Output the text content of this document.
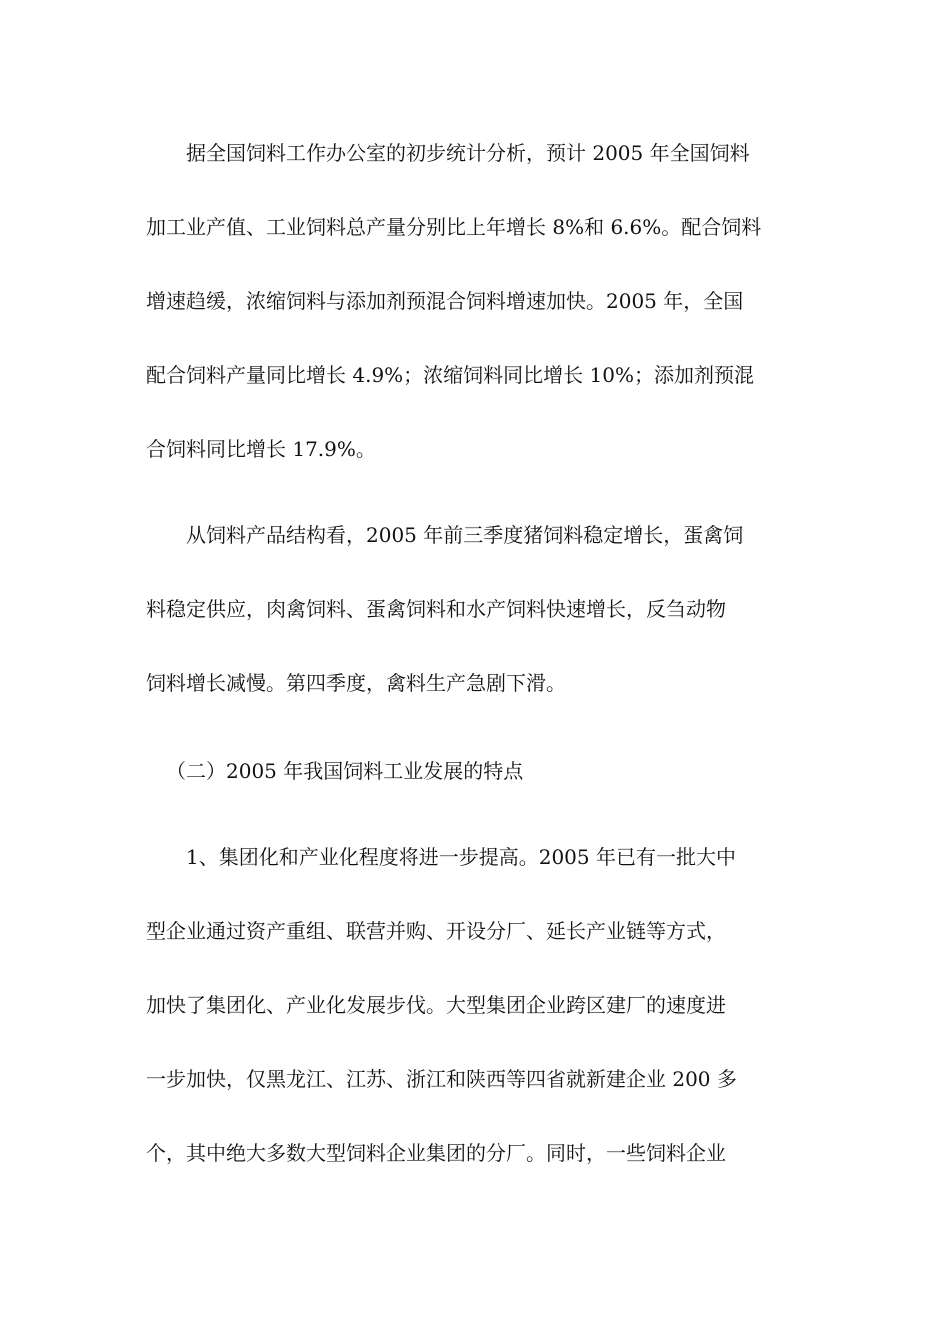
据全国饲料工作办公室的初步统计分析，预计 2005 年全国饲料
加工业产值、工业饲料总产量分别比上年增长 8%和 6.6%。配合饲料
增速趋缓，浓缩饲料与添加剂预混合饲料增速加快。2005 年，全国
配合饲料产量同比增长 4.9%；浓缩饲料同比增长 10%；添加剂预混
合饲料同比增长 17.9%。
从饲料产品结构看，2005 年前三季度猪饲料稳定增长，蛋禽饲
料稳定供应，肉禽饲料、蛋禽饲料和水产饲料快速增长，反刍动物
饲料增长减慢。第四季度，禽料生产急剧下滑。
（二）2005 年我国饲料工业发展的特点
1、集团化和产业化程度将进一步提高。2005 年已有一批大中
型企业通过资产重组、联营并购、开设分厂、延长产业链等方式，
加快了集团化、产业化发展步伐。大型集团企业跨区建厂的速度进
一步加快，仅黑龙江、江苏、浙江和陕西等四省就新建企业 200 多
个，其中绝大多数大型饲料企业集团的分厂。同时，一些饲料企业
